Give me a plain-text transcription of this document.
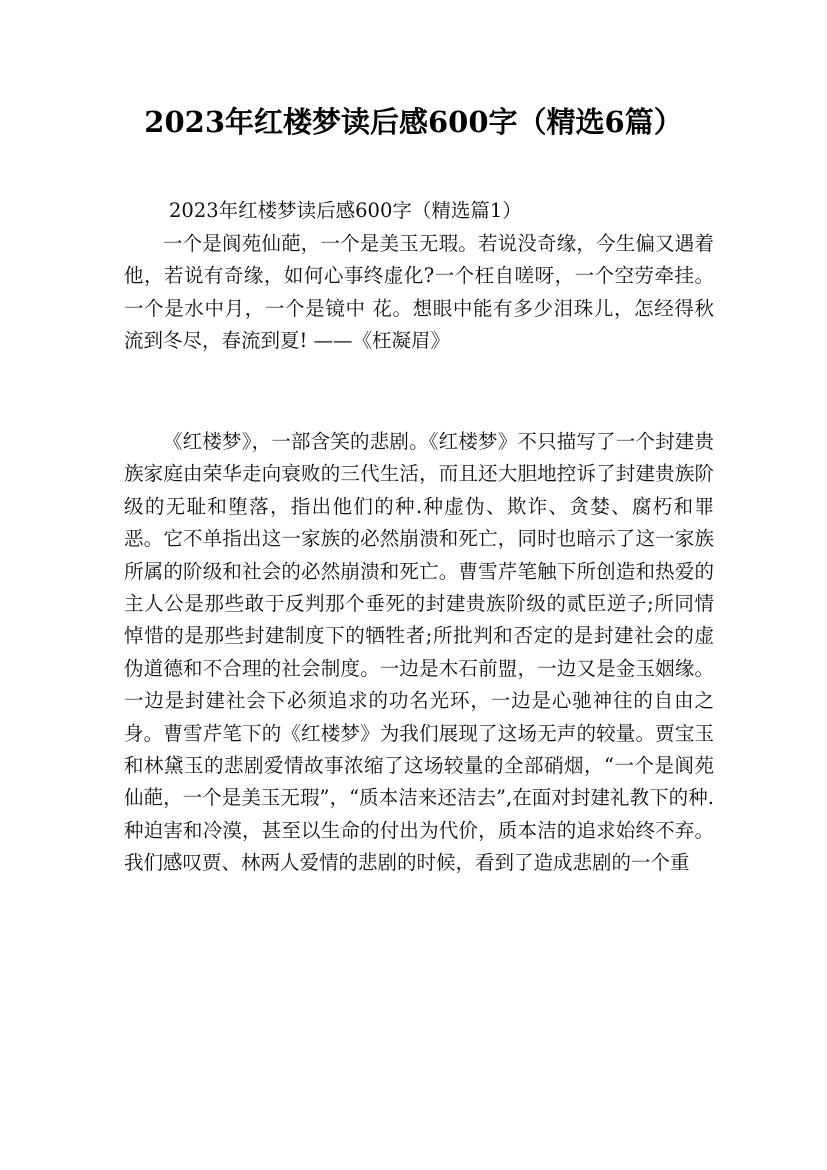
2023年红楼梦读后感600字（精选6篇）
2023年红楼梦读后感600字（精选篇1）

一个是阆苑仙葩，一个是美玉无瑕。若说没奇缘，今生偏又遇着他，若说有奇缘，如何心事终虚化?一个枉自嗟呀，一个空劳牵挂。一个是水中月，一个是镜中 花。想眼中能有多少泪珠儿，怎经得秋流到冬尽，春流到夏! ——《枉凝眉》

《红楼梦》，一部含笑的悲剧。《红楼梦》不只描写了一个封建贵族家庭由荣华走向衰败的三代生活，而且还大胆地控诉了封建贵族阶级的无耻和堕落，指出他们的种.种虚伪、欺诈、贪婪、腐朽和罪恶。它不单指出这一家族的必然崩溃和死亡，同时也暗示了这一家族所属的阶级和社会的必然崩溃和死亡。曹雪芹笔触下所创造和热爱的主人公是那些敢于反判那个垂死的封建贵族阶级的贰臣逆子;所同情悼惜的是那些封建制度下的牺牲者;所批判和否定的是封建社会的虚伪道德和不合理的社会制度。一边是木石前盟，一边又是金玉姻缘。一边是封建社会下必须追求的功名光环，一边是心驰神往的自由之身。曹雪芹笔下的《红楼梦》为我们展现了这场无声的较量。贾宝玉和林黛玉的悲剧爱情故事浓缩了这场较量的全部硝烟，“一个是阆苑仙葩，一个是美玉无瑕”，“质本洁来还洁去”,在面对封建礼教下的种.种迫害和冷漠，甚至以生命的付出为代价，质本洁的追求始终不弃。我们感叹贾、林两人爱情的悲剧的时候，看到了造成悲剧的一个重
